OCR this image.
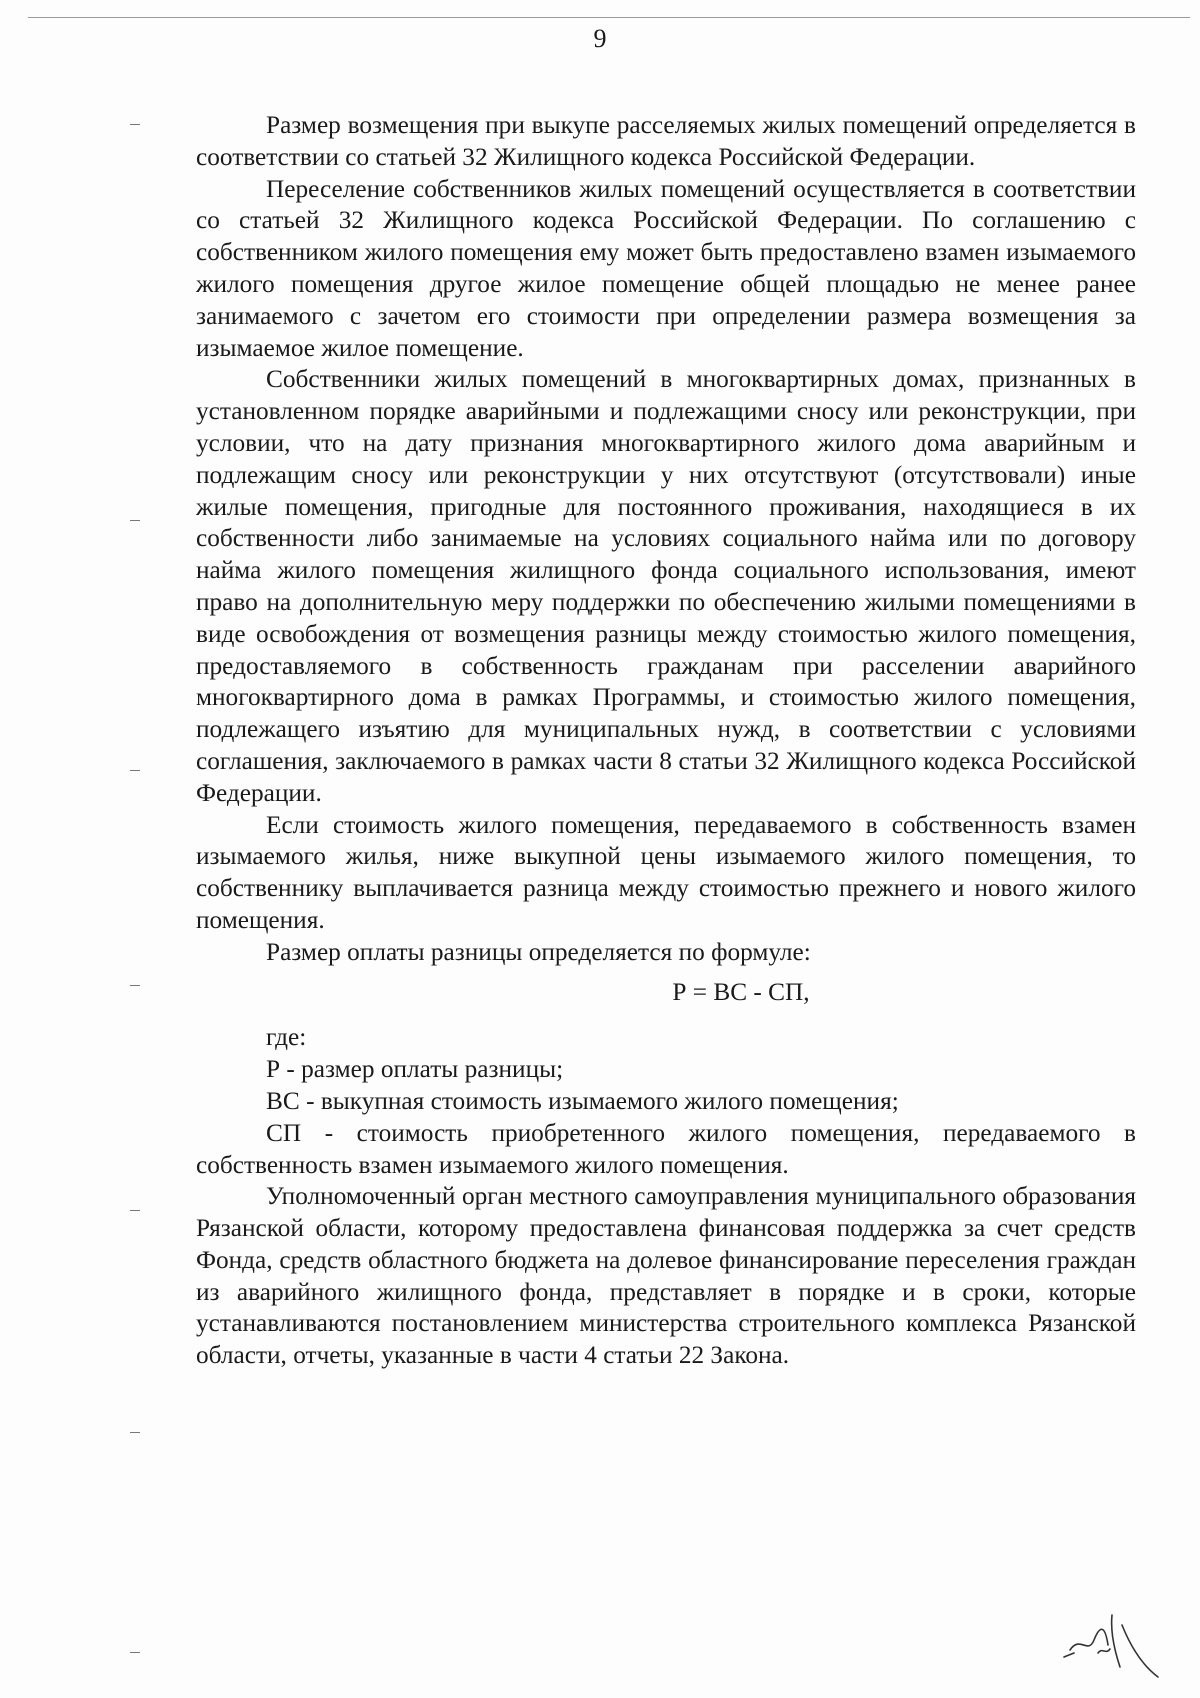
9

Размер возмещения при выкупе расселяемых жилых помещений определяется в соответствии со статьей 32 Жилищного кодекса Российской Федерации.

Переселение собственников жилых помещений осуществляется в соответствии со статьей 32 Жилищного кодекса Российской Федерации. По соглашению с собственником жилого помещения ему может быть предоставлено взамен изымаемого жилого помещения другое жилое помещение общей площадью не менее ранее занимаемого с зачетом его стоимости при определении размера возмещения за изымаемое жилое помещение.

Собственники жилых помещений в многоквартирных домах, признанных в установленном порядке аварийными и подлежащими сносу или реконструкции, при условии, что на дату признания многоквартирного жилого дома аварийным и подлежащим сносу или реконструкции у них отсутствуют (отсутствовали) иные жилые помещения, пригодные для постоянного проживания, находящиеся в их собственности либо занимаемые на условиях социального найма или по договору найма жилого помещения жилищного фонда социального использования, имеют право на дополнительную меру поддержки по обеспечению жилыми помещениями в виде освобождения от возмещения разницы между стоимостью жилого помещения, предоставляемого в собственность гражданам при расселении аварийного многоквартирного дома в рамках Программы, и стоимостью жилого помещения, подлежащего изъятию для муниципальных нужд, в соответствии с условиями соглашения, заключаемого в рамках части 8 статьи 32 Жилищного кодекса Российской Федерации.

Если стоимость жилого помещения, передаваемого в собственность взамен изымаемого жилья, ниже выкупной цены изымаемого жилого помещения, то собственнику выплачивается разница между стоимостью прежнего и нового жилого помещения.

Размер оплаты разницы определяется по формуле:

Р = ВС - СП,

где:

Р - размер оплаты разницы;

ВС - выкупная стоимость изымаемого жилого помещения;

СП - стоимость приобретенного жилого помещения, передаваемого в собственность взамен изымаемого жилого помещения.

Уполномоченный орган местного самоуправления муниципального образования Рязанской области, которому предоставлена финансовая поддержка за счет средств Фонда, средств областного бюджета на долевое финансирование переселения граждан из аварийного жилищного фонда, представляет в порядке и в сроки, которые устанавливаются постановлением министерства строительного комплекса Рязанской области, отчеты, указанные в части 4 статьи 22 Закона.
